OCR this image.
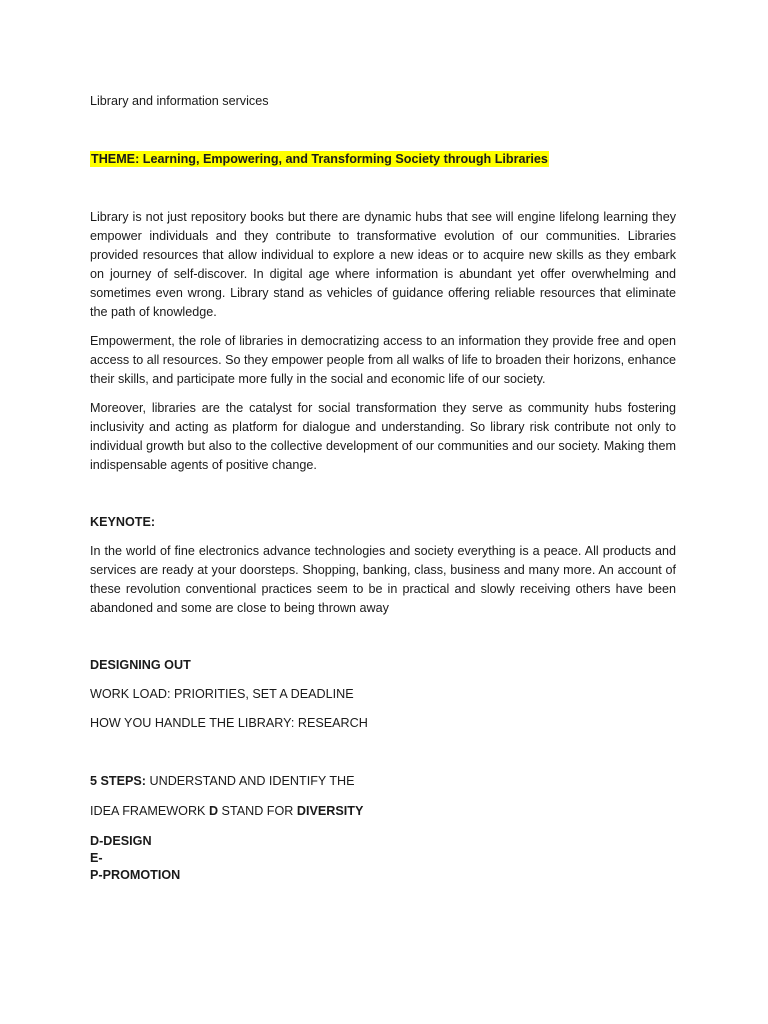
Library and information services

THEME: Learning, Empowering, and Transforming Society through Libraries

Library is not just repository books but there are dynamic hubs that see will engine lifelong learning they empower individuals and they contribute to transformative evolution of our communities. Libraries provided resources that allow individual to explore a new ideas or to acquire new skills as they embark on journey of self-discover. In digital age where information is abundant yet offer overwhelming and sometimes even wrong. Library stand as vehicles of guidance offering reliable resources that eliminate the path of knowledge.

Empowerment, the role of libraries in democratizing access to an information they provide free and open access to all resources. So they empower people from all walks of life to broaden their horizons, enhance their skills, and participate more fully in the social and economic life of our society.

Moreover, libraries are the catalyst for social transformation they serve as community hubs fostering inclusivity and acting as platform for dialogue and understanding. So library risk contribute not only to individual growth but also to the collective development of our communities and our society. Making them indispensable agents of positive change.

KEYNOTE:

In the world of fine electronics advance technologies and society everything is a peace. All products and services are ready at your doorsteps. Shopping, banking, class, business and many more. An account of these revolution conventional practices seem to be in practical and slowly receiving others have been abandoned and some are close to being thrown away

DESIGNING OUT

WORK LOAD: PRIORITIES, SET A DEADLINE

HOW YOU HANDLE THE LIBRARY: RESEARCH

5 STEPS: UNDERSTAND AND IDENTIFY THE

IDEA FRAMEWORK D STAND FOR DIVERSITY

D-DESIGN
E-
P-PROMOTION
